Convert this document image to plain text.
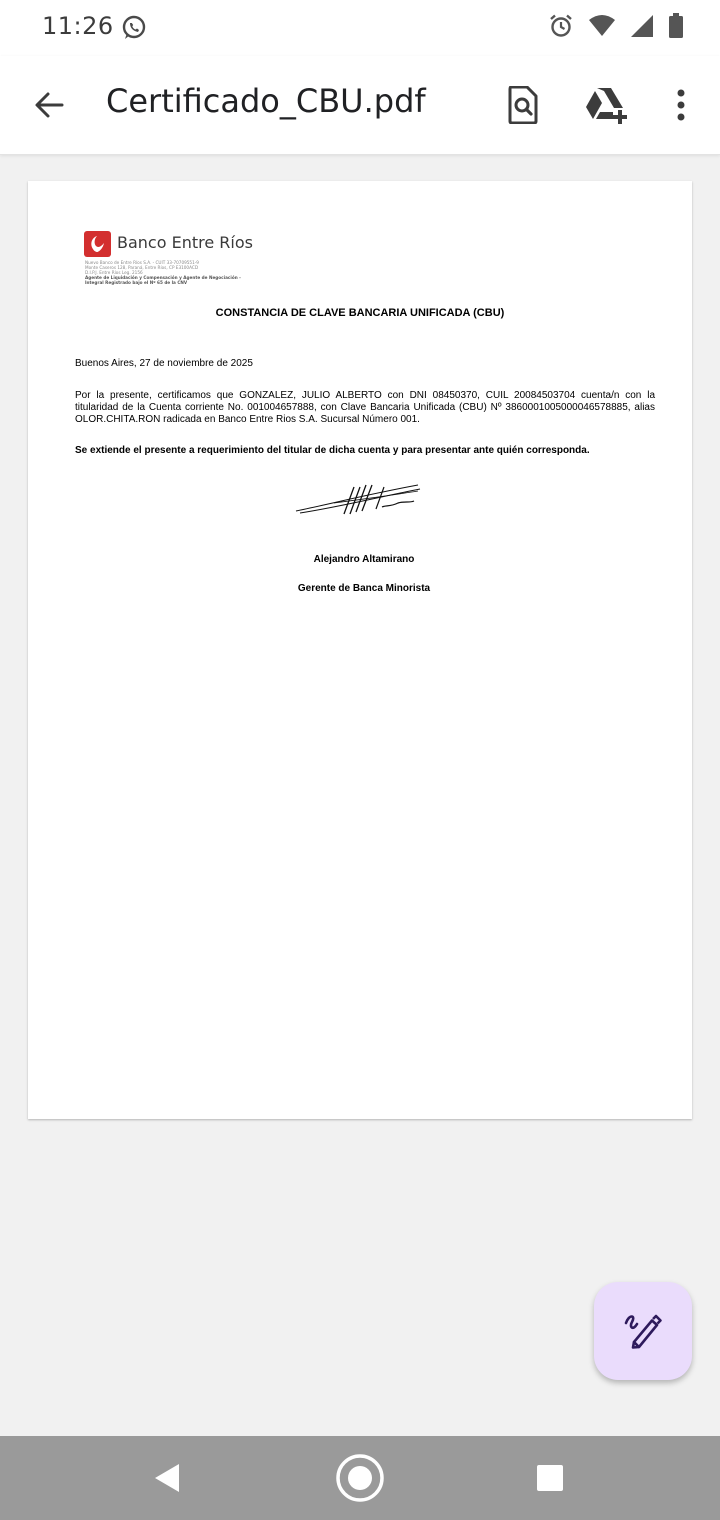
11:26
Certificado_CBU.pdf
Banco Entre Ríos
Nuevo Banco de Entre Ríos S.A. - CUIT 33-70709551-9
Monte Caseros 128, Paraná, Entre Ríos, CP E3100ACD
D.I.P.J. Entre Ríos Leg. 2156
Agente de Liquidación y Compensación y Agente de Negociación -
Integral Registrado bajo el Nº 65 de la CNV
CONSTANCIA DE CLAVE BANCARIA UNIFICADA (CBU)
Buenos Aires, 27 de noviembre de 2025
Por la presente, certificamos que GONZALEZ, JULIO ALBERTO con DNI 08450370, CUIL 20084503704 cuenta/n con la titularidad de la Cuenta corriente No. 001004657888, con Clave Bancaria Unificada (CBU) Nº 3860001005000046578885, alias OLOR.CHITA.RON radicada en Banco Entre Rios S.A. Sucursal Número 001.
Se extiende el presente a requerimiento del titular de dicha cuenta y para presentar ante quién corresponda.
Alejandro Altamirano
Gerente de Banca Minorista
